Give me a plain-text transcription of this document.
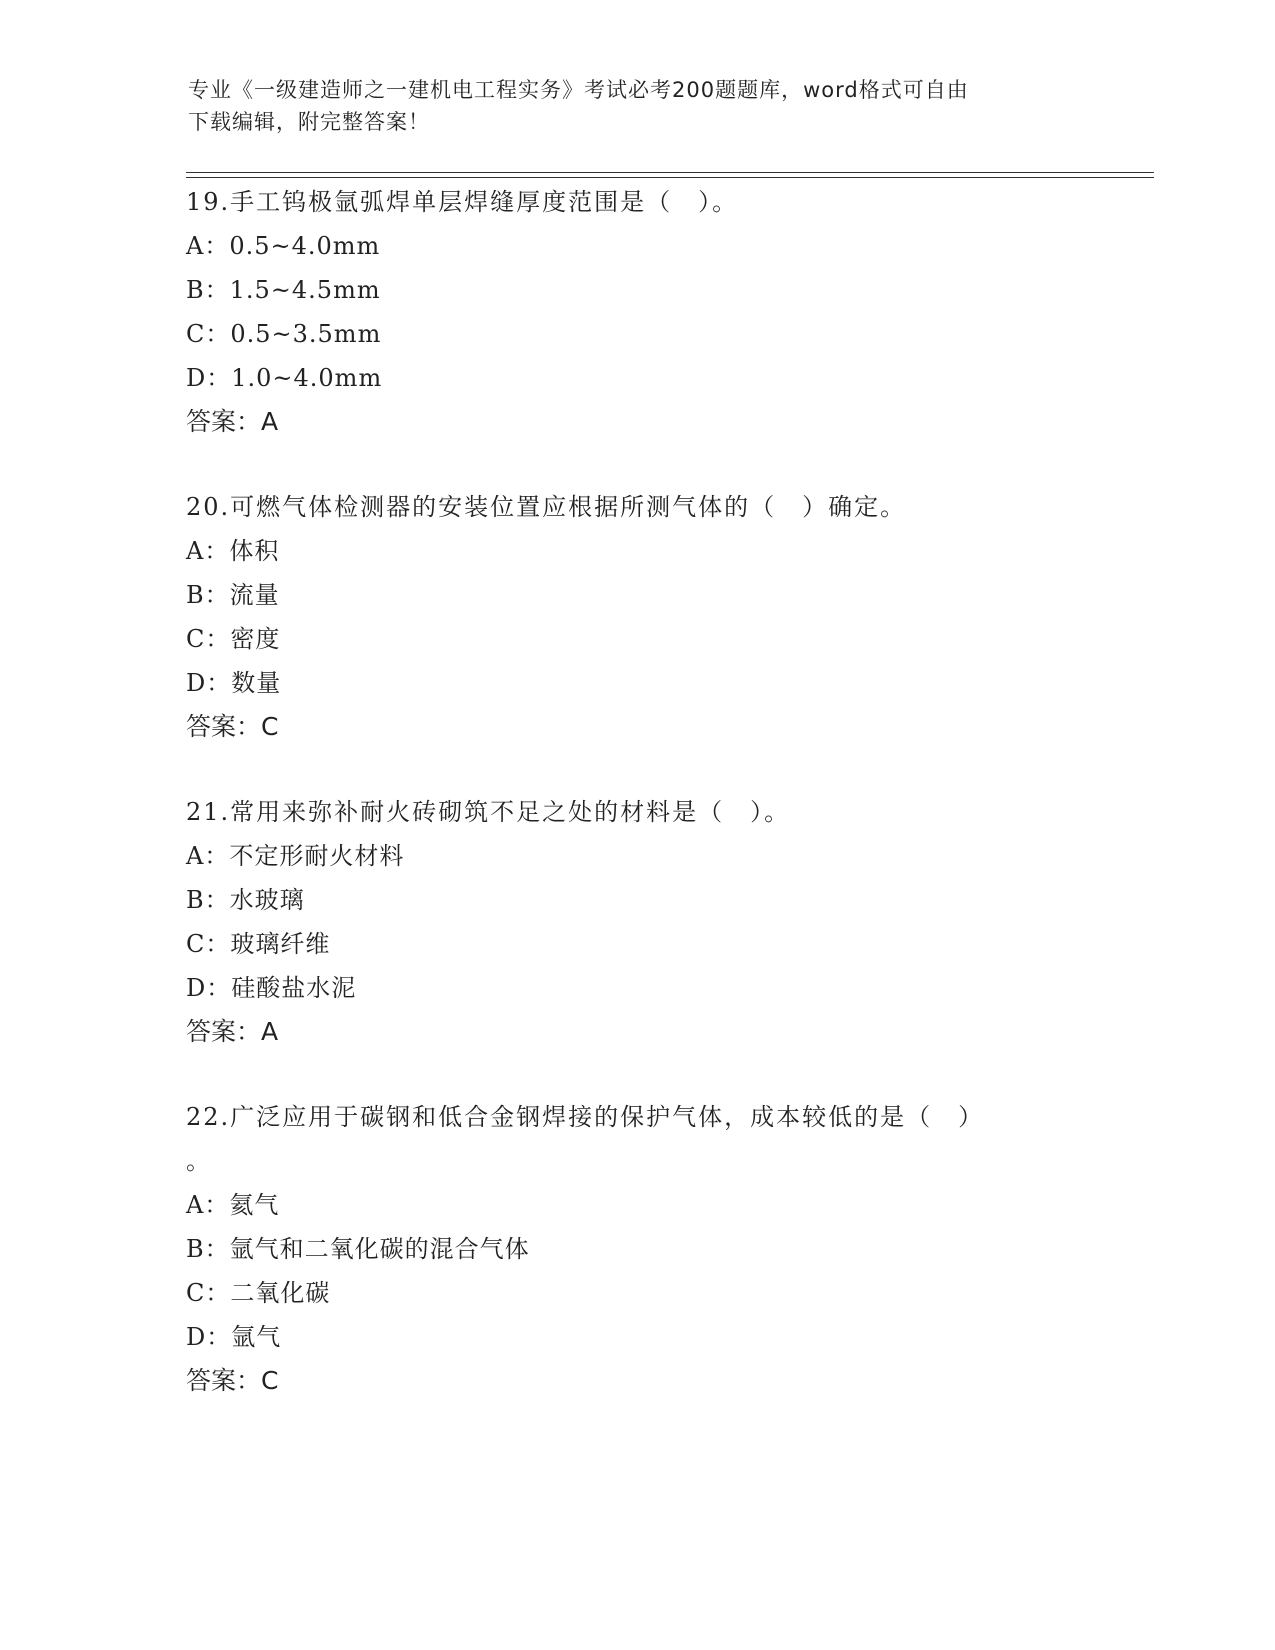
专业《一级建造师之一建机电工程实务》考试必考200题题库，word格式可自由
下载编辑，附完整答案！

19.手工钨极氩弧焊单层焊缝厚度范围是（　）。

A：0.5~4.0mm

B：1.5~4.5mm

C：0.5~3.5mm

D：1.0~4.0mm

答案：A

20.可燃气体检测器的安装位置应根据所测气体的（　）确定。

A：体积

B：流量

C：密度

D：数量

答案：C

21.常用来弥补耐火砖砌筑不足之处的材料是（　）。

A：不定形耐火材料

B：水玻璃

C：玻璃纤维

D：硅酸盐水泥

答案：A

22.广泛应用于碳钢和低合金钢焊接的保护气体，成本较低的是（　）

。

A：氦气

B：氩气和二氧化碳的混合气体

C：二氧化碳

D：氩气

答案：C
